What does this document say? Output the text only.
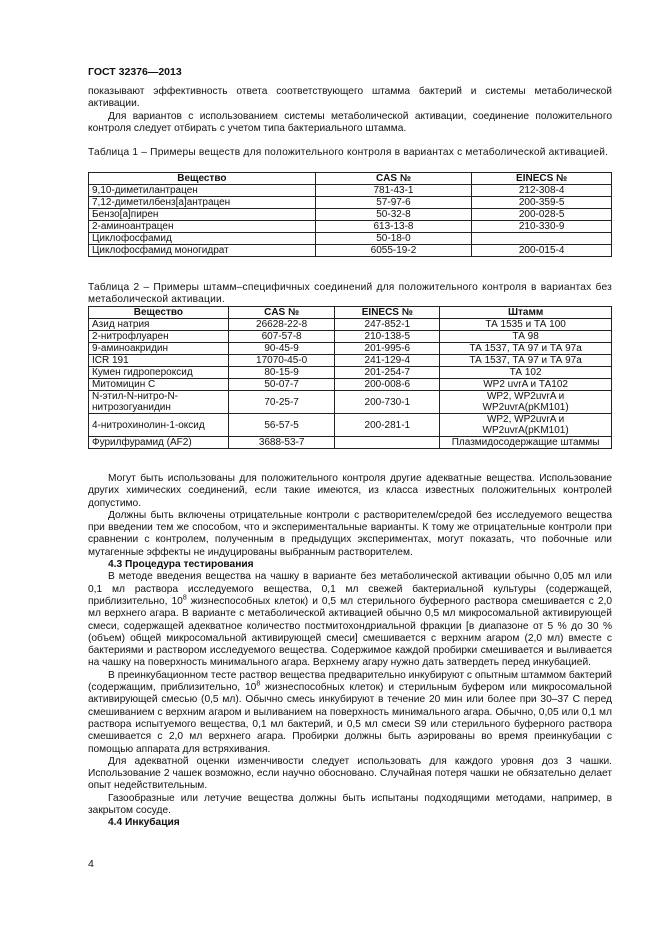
ГОСТ 32376—2013

показывают эффективность ответа соответствующего штамма бактерий и системы метаболической активации.

Для вариантов с использованием системы метаболической активации, соединение положительного контроля следует отбирать с учетом типа бактериального штамма.

Таблица 1 – Примеры веществ для положительного контроля в вариантах с метаболической активацией.
Вещество	CAS №	EINECS №
9,10-диметилантрацен	781-43-1	212-308-4
7,12-диметилбенз[а]антрацен	57-97-6	200-359-5
Бензо[а]пирен	50-32-8	200-028-5
2-аминоантрацен	613-13-8	210-330-9
Циклофосфамид	50-18-0	
Циклофосфамид моногидрат	6055-19-2	200-015-4
Таблица 2 – Примеры штамм–специфичных соединений для положительного контроля в вариантах без метаболической активации.
Вещество	CAS №	EINECS №	Штамм
Азид натрия	26628-22-8	247-852-1	ТА 1535 и ТА 100
2-нитрофлуарен	607-57-8	210-138-5	ТА 98
9-аминоакридин	90-45-9	201-995-6	ТА 1537, ТА 97 и ТА 97а
ICR 191	17070-45-0	241-129-4	ТА 1537, ТА 97 и ТА 97а
Кумен гидропероксид	80-15-9	201-254-7	ТА 102
Митомицин С	50-07-7	200-008-6	WP2 uvrA и ТА102
N-этил-N-нитро-N-нитрозогуанидин	70-25-7	200-730-1	WP2, WP2uvrA и WP2uvrA(pKM101)
4-нитрохинолин-1-оксид	56-57-5	200-281-1	WP2, WP2uvrA и WP2uvrA(pKM101)
Фурилфурамид (AF2)	3688-53-7		Плазмидосодержащие штаммы

Могут быть использованы для положительного контроля другие адекватные вещества. Использование других химических соединений, если такие имеются, из класса известных положительных контролей допустимо.

Должны быть включены отрицательные контроли с растворителем/средой без исследуемого вещества при введении тем же способом, что и экспериментальные варианты. К тому же отрицательные контроли при сравнении с контролем, полученным в предыдущих экспериментах, могут показать, что побочные или мутагенные эффекты не индуцированы выбранным растворителем.

4.3 Процедура тестирования

В методе введения вещества на чашку в варианте без метаболической активации обычно 0,05 мл или 0,1 мл раствора исследуемого вещества, 0,1 мл свежей бактериальной культуры (содержащей, приблизительно, $10^8$ жизнеспособных клеток) и 0,5 мл стерильного буферного раствора смешивается с 2,0 мл верхнего агара. В варианте с метаболической активацией обычно 0,5 мл микросомальной активирующей смеси, содержащей адекватное количество постмитохондриальной фракции [в диапазоне от 5 % до 30 % (объем) общей микросомальной активирующей смеси] смешивается с верхним агаром (2,0 мл) вместе с бактериями и раствором исследуемого вещества. Содержимое каждой пробирки смешивается и выливается на чашку на поверхность минимального агара. Верхнему агару нужно дать затвердеть перед инкубацией.

В преинкубационном тесте раствор вещества предварительно инкубируют с опытным штаммом бактерий (содержащим, приблизительно, $10^8$ жизнеспособных клеток) и стерильным буфером или микросомальной активирующей смесью (0,5 мл). Обычно смесь инкубируют в течение 20 мин или более при 30–37 С перед смешиванием с верхним агаром и выливанием на поверхность минимального агара. Обычно, 0,05 или 0,1 мл раствора испытуемого вещества, 0,1 мл бактерий, и 0,5 мл смеси S9 или стерильного буферного раствора смешивается с 2,0 мл верхнего агара. Пробирки должны быть аэрированы во время преинкубации с помощью аппарата для встряхивания.

Для адекватной оценки изменчивости следует использовать для каждого уровня доз 3 чашки. Использование 2 чашек возможно, если научно обосновано. Случайная потеря чашки не обязательно делает опыт недействительным.

Газообразные или летучие вещества должны быть испытаны подходящими методами, например, в закрытом сосуде.

4.4 Инкубация

4
